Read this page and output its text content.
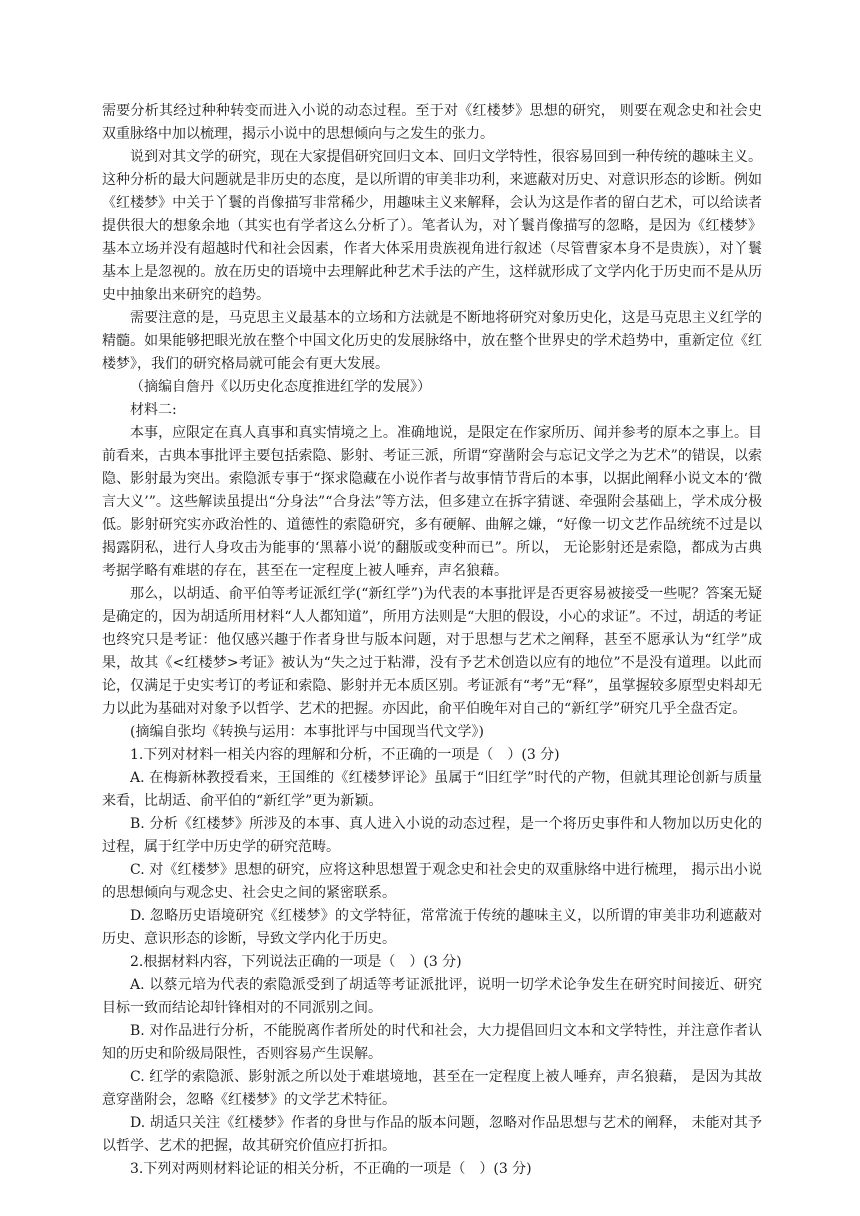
需要分析其经过种种转变而进入小说的动态过程。至于对《红楼梦》思想的研究， 则要在观念史和社会史双重脉络中加以梳理，揭示小说中的思想倾向与之发生的张力。

说到对其文学的研究，现在大家提倡研究回归文本、回归文学特性，很容易回到一种传统的趣味主义。这种分析的最大问题就是非历史的态度，是以所谓的审美非功利，来遮蔽对历史、对意识形态的诊断。例如《红楼梦》中关于丫鬟的肖像描写非常稀少，用趣味主义来解释，会认为这是作者的留白艺术，可以给读者提供很大的想象余地（其实也有学者这么分析了）。笔者认为，对丫鬟肖像描写的忽略，是因为《红楼梦》基本立场并没有超越时代和社会因素，作者大体采用贵族视角进行叙述（尽管曹家本身不是贵族），对丫鬟基本上是忽视的。放在历史的语境中去理解此种艺术手法的产生，这样就形成了文学内化于历史而不是从历史中抽象出来研究的趋势。

需要注意的是，马克思主义最基本的立场和方法就是不断地将研究对象历史化，这是马克思主义红学的精髓。如果能够把眼光放在整个中国文化历史的发展脉络中，放在整个世界史的学术趋势中，重新定位《红楼梦》，我们的研究格局就可能会有更大发展。

（摘编自詹丹《以历史化态度推进红学的发展》）

材料二:

本事，应限定在真人真事和真实情境之上。准确地说，是限定在作家所历、闻并参考的原本之事上。目前看来，古典本事批评主要包括索隐、影射、考证三派，所谓“穿凿附会与忘记文学之为艺术”的错误，以索隐、影射最为突出。索隐派专事于“探求隐藏在小说作者与故事情节背后的本事，以据此阐释小说文本的‘微言大义’”。这些解读虽提出“分身法”“合身法”等方法，但多建立在拆字猜谜、牵强附会基础上，学术成分极低。影射研究实亦政治性的、道德性的索隐研究，多有硬解、曲解之嫌，“好像一切文艺作品统统不过是以揭露阴私，进行人身攻击为能事的‘黑幕小说’的翻版或变种而已”。所以， 无论影射还是索隐，都成为古典考据学略有难堪的存在，甚至在一定程度上被人唾弃，声名狼藉。

那么，以胡适、俞平伯等考证派红学(“新红学”)为代表的本事批评是否更容易被接受一些呢？答案无疑是确定的，因为胡适所用材料“人人都知道”，所用方法则是“大胆的假设，小心的求证”。不过，胡适的考证也终究只是考证：他仅感兴趣于作者身世与版本问题，对于思想与艺术之阐释，甚至不愿承认为“红学”成果，故其《<红楼梦>考证》被认为“失之过于粘滞，没有予艺术创造以应有的地位”不是没有道理。以此而论，仅满足于史实考订的考证和索隐、影射并无本质区别。考证派有“考”无“释”，虽掌握较多原型史料却无力以此为基础对对象予以哲学、艺术的把握。亦因此，俞平伯晚年对自己的“新红学”研究几乎全盘否定。

(摘编自张均《转换与运用：本事批评与中国现当代文学》)

1.下列对材料一相关内容的理解和分析，不正确的一项是（　）(3 分)

A. 在梅新林教授看来，王国维的《红楼梦评论》虽属于“旧红学”时代的产物，但就其理论创新与质量来看，比胡适、俞平伯的“新红学”更为新颖。

B. 分析《红楼梦》所涉及的本事、真人进入小说的动态过程，是一个将历史事件和人物加以历史化的过程，属于红学中历史学的研究范畴。

C. 对《红楼梦》思想的研究，应将这种思想置于观念史和社会史的双重脉络中进行梳理， 揭示出小说的思想倾向与观念史、社会史之间的紧密联系。

D. 忽略历史语境研究《红楼梦》的文学特征，常常流于传统的趣味主义，以所谓的审美非功利遮蔽对历史、意识形态的诊断，导致文学内化于历史。

2.根据材料内容，下列说法正确的一项是（　）(3 分)

A. 以蔡元培为代表的索隐派受到了胡适等考证派批评，说明一切学术论争发生在研究时间接近、研究目标一致而结论却针锋相对的不同派别之间。

B. 对作品进行分析，不能脱离作者所处的时代和社会，大力提倡回归文本和文学特性，并注意作者认知的历史和阶级局限性，否则容易产生误解。

C. 红学的索隐派、影射派之所以处于难堪境地，甚至在一定程度上被人唾弃，声名狼藉， 是因为其故意穿凿附会，忽略《红楼梦》的文学艺术特征。

D. 胡适只关注《红楼梦》作者的身世与作品的版本问题，忽略对作品思想与艺术的阐释， 未能对其予以哲学、艺术的把握，故其研究价值应打折扣。

3.下列对两则材料论证的相关分析，不正确的一项是（　）(3 分)
